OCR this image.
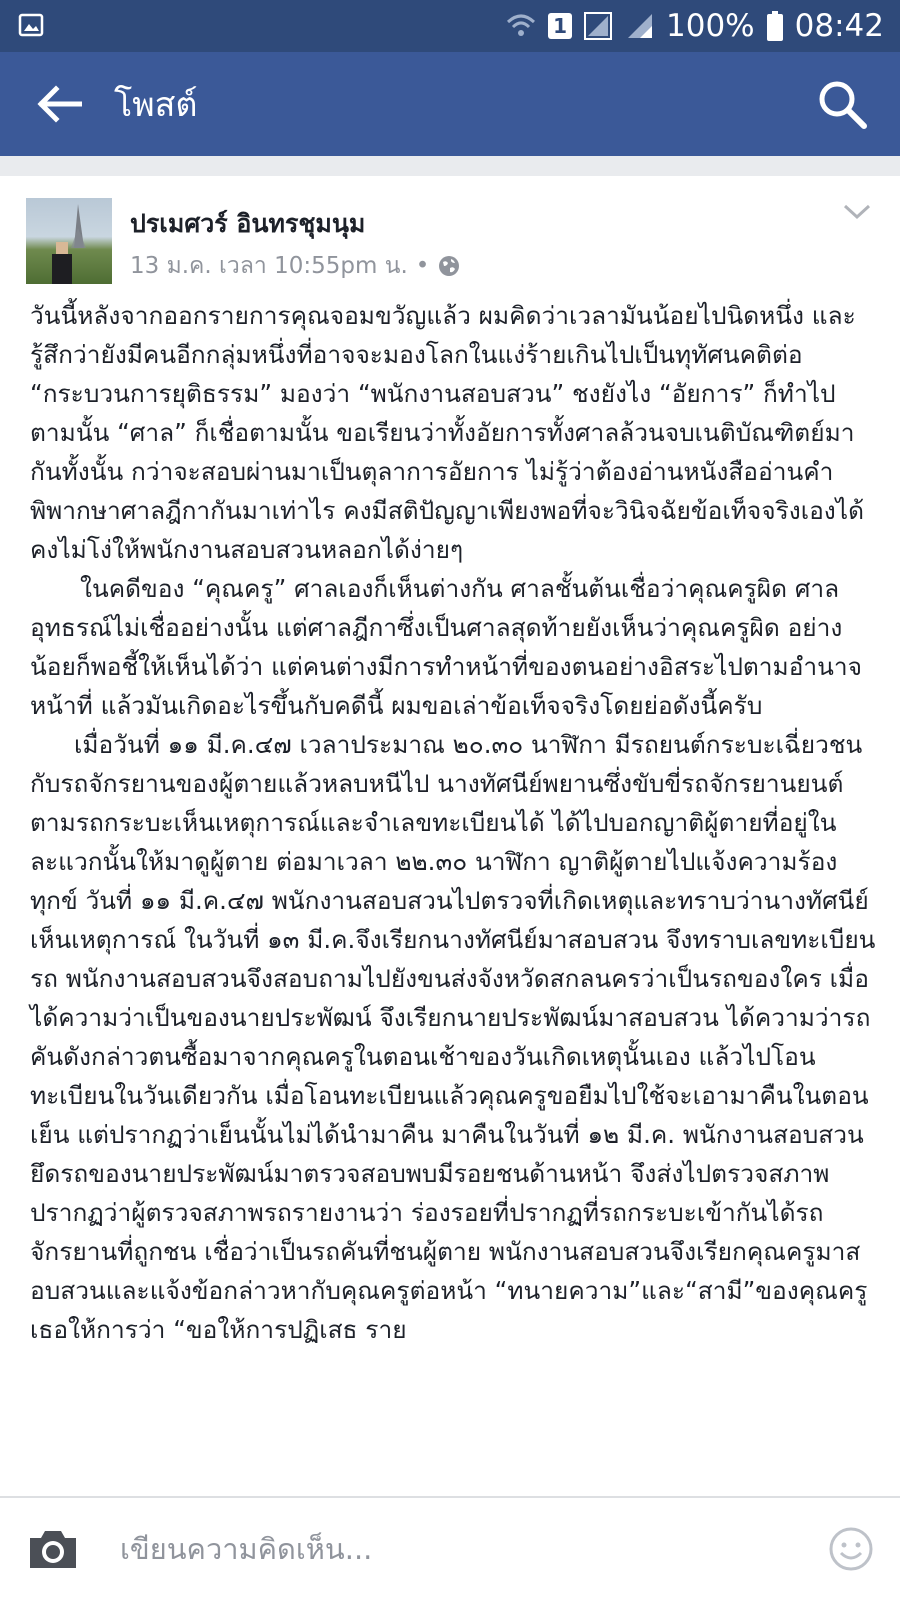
1	100% 08:42
โพสต์
ปรเมศวร์ อินทรชุมนุม
13 ม.ค. เวลา 10:55pm น. •

วันนี้หลังจากออกรายการคุณจอมขวัญแล้ว ผมคิดว่าเวลามันน้อยไปนิดหนึ่ง และรู้สึกว่ายังมีคนอีกกลุ่มหนึ่งที่อาจจะมองโลกในแง่ร้ายเกินไปเป็นทุทัศนคติต่อ “กระบวนการยุติธรรม” มองว่า “พนักงานสอบสวน” ชงยังไง “อัยการ” ก็ทำไปตามนั้น “ศาล” ก็เชื่อตามนั้น ขอเรียนว่าทั้งอัยการทั้งศาลล้วนจบเนติบัณฑิตย์มากันทั้งนั้น กว่าจะสอบผ่านมาเป็นตุลาการอัยการ ไม่รู้ว่าต้องอ่านหนังสืออ่านคำพิพากษาศาลฎีกากันมาเท่าไร คงมีสติปัญญาเพียงพอที่จะวินิจฉัยข้อเท็จจริงเองได้ คงไม่โง่ให้พนักงานสอบสวนหลอกได้ง่ายๆ

ในคดีของ “คุณครู” ศาลเองก็เห็นต่างกัน ศาลชั้นต้นเชื่อว่าคุณครูผิด ศาลอุทธรณ์ไม่เชื่ออย่างนั้น แต่ศาลฎีกาซึ่งเป็นศาลสุดท้ายยังเห็นว่าคุณครูผิด อย่างน้อยก็พอชี้ให้เห็นได้ว่า แต่คนต่างมีการทำหน้าที่ของตนอย่างอิสระไปตามอำนาจหน้าที่ แล้วมันเกิดอะไรขึ้นกับคดีนี้ ผมขอเล่าข้อเท็จจริงโดยย่อดังนี้ครับ

เมื่อวันที่ ๑๑ มี.ค.๔๗ เวลาประมาณ ๒๐.๓๐ นาฬิกา มีรถยนต์กระบะเฉี่ยวชนกับรถจักรยานของผู้ตายแล้วหลบหนีไป นางทัศนีย์พยานซึ่งขับขี่รถจักรยานยนต์ตามรถกระบะเห็นเหตุการณ์และจำเลขทะเบียนได้ ได้ไปบอกญาติผู้ตายที่อยู่ในละแวกนั้นให้มาดูผู้ตาย ต่อมาเวลา ๒๒.๓๐ นาฬิกา ญาติผู้ตายไปแจ้งความร้องทุกข์ วันที่ ๑๑ มี.ค.๔๗ พนักงานสอบสวนไปตรวจที่เกิดเหตุและทราบว่านางทัศนีย์เห็นเหตุการณ์ ในวันที่ ๑๓ มี.ค.จึงเรียกนางทัศนีย์มาสอบสวน จึงทราบเลขทะเบียนรถ พนักงานสอบสวนจึงสอบถามไปยังขนส่งจังหวัดสกลนครว่าเป็นรถของใคร เมื่อได้ความว่าเป็นของนายประพัฒน์ จึงเรียกนายประพัฒน์มาสอบสวน ได้ความว่ารถคันดังกล่าวตนซื้อมาจากคุณครูในตอนเช้าของวันเกิดเหตุนั้นเอง แล้วไปโอนทะเบียนในวันเดียวกัน เมื่อโอนทะเบียนแล้วคุณครูขอยืมไปใช้จะเอามาคืนในตอนเย็น แต่ปรากฏว่าเย็นนั้นไม่ได้นำมาคืน มาคืนในวันที่ ๑๒ มี.ค. พนักงานสอบสวนยึดรถของนายประพัฒน์มาตรวจสอบพบมีรอยชนด้านหน้า จึงส่งไปตรวจสภาพ ปรากฏว่าผู้ตรวจสภาพรถรายงานว่า ร่องรอยที่ปรากฏที่รถกระบะเข้ากันได้รถจักรยานที่ถูกชน เชื่อว่าเป็นรถคันที่ชนผู้ตาย พนักงานสอบสวนจึงเรียกคุณครูมาสอบสวนและแจ้งข้อกล่าวหากับคุณครูต่อหน้า “ทนายความ”และ“สามี”ของคุณครู เธอให้การว่า “ขอให้การปฏิเสธ ราย

เขียนความคิดเห็น...
